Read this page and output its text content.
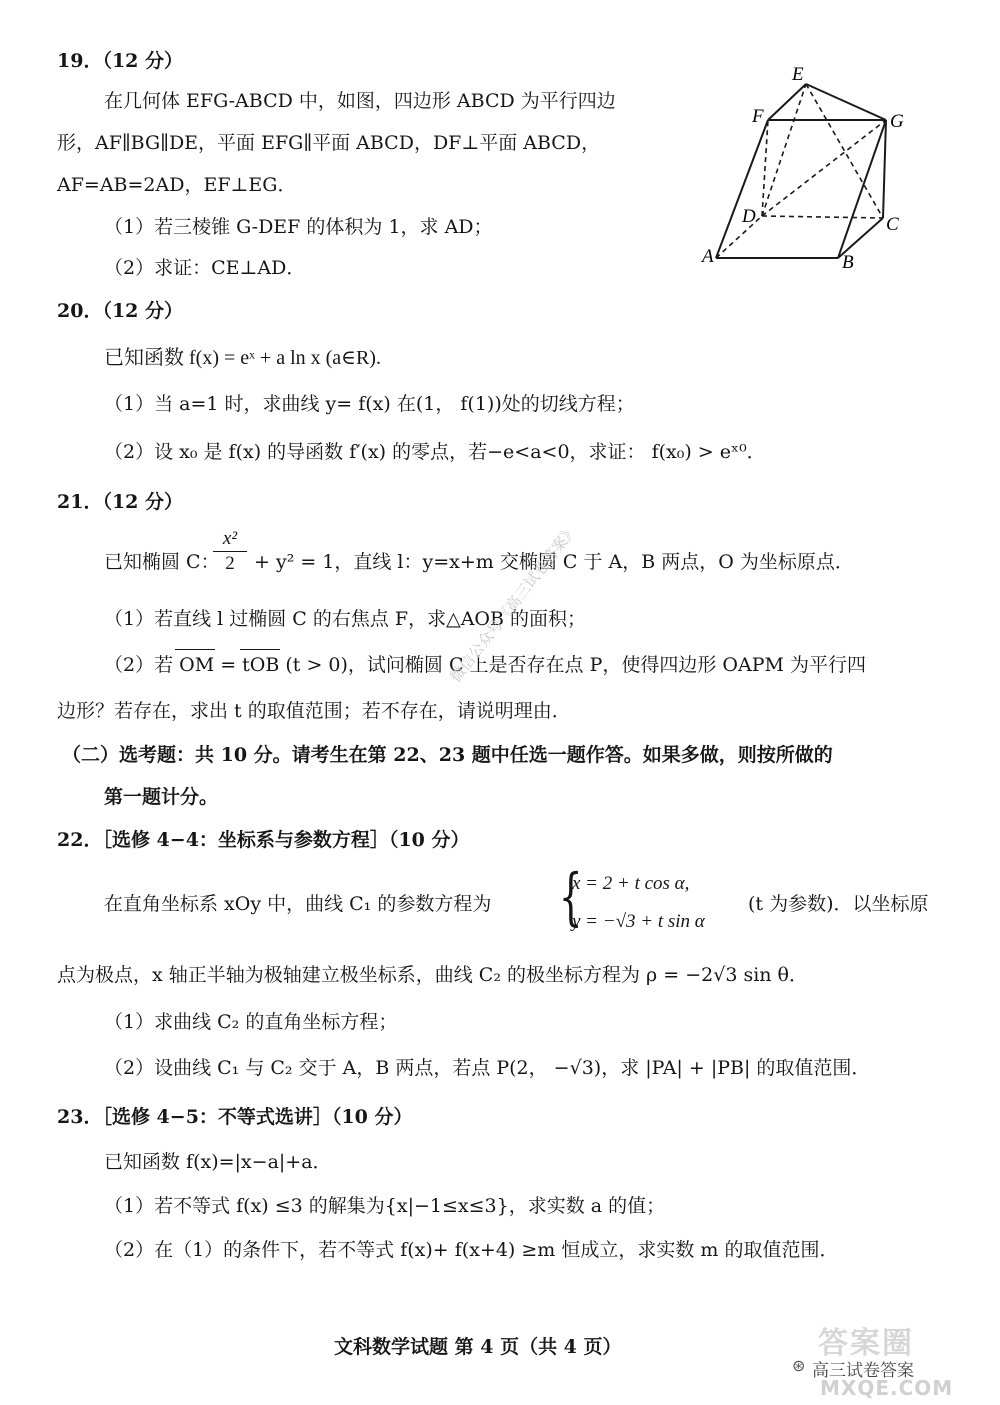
19．（12 分）
在几何体 EFG-ABCD 中，如图，四边形 ABCD 为平行四边
形，AF∥BG∥DE，平面 EFG∥平面 ABCD，DF⊥平面 ABCD，
AF=AB=2AD，EF⊥EG．
（1）若三棱锥 G-DEF 的体积为 1，求 AD；
（2）求证：CE⊥AD．
E
F	G
D	C
A	B
20．（12 分）
已知函数 f(x) = eˣ + a ln x (a∈R).
（1）当 a=1 时，求曲线 y= f(x) 在(1， f(1))处的切线方程；
（2）设 x₀ 是 f(x) 的导函数 f′(x) 的零点，若−e<a<0，求证： f(x₀) > eˣ⁰．
21．（12 分）
已知椭圆 C：
x²
2	+ y² = 1，直线 l：y=x+m 交椭圆 C 于 A，B 两点，O 为坐标原点．
（1）若直线 l 过椭圆 C 的右焦点 F，求△AOB 的面积；
（2）若 OM = tOB (t > 0)，试问椭圆 C 上是否存在点 P，使得四边形 OAPM 为平行四
边形？若存在，求出 t 的取值范围；若不存在，请说明理由．
（二）选考题：共 10 分。请考生在第 22、23 题中任选一题作答。如果多做，则按所做的
第一题计分。
22．［选修 4−4：坐标系与参数方程］（10 分）
在直角坐标系 xOy 中，曲线 C₁ 的参数方程为 {
x = 2 + t cos α,
y = −√3 + t sin α
(t 为参数)．以坐标原
点为极点，x 轴正半轴为极轴建立极坐标系，曲线 C₂ 的极坐标方程为 ρ = −2√3 sin θ．
（1）求曲线 C₂ 的直角坐标方程；
（2）设曲线 C₁ 与 C₂ 交于 A，B 两点，若点 P(2， −√3)，求 |PA| + |PB| 的取值范围．
23．［选修 4−5：不等式选讲］（10 分）
已知函数 f(x)=|x−a|+a．
（1）若不等式 f(x) ≤3 的解集为{x|−1≤x≤3}，求实数 a 的值；
（2）在（1）的条件下，若不等式 f(x)+ f(x+4) ≥m 恒成立，求实数 m 的取值范围．
文科数学试题 第 4 页（共 4 页）
微信公众号《高三试卷答案》
答案圈
⊛ 高三试卷答案
MXQE.COM
